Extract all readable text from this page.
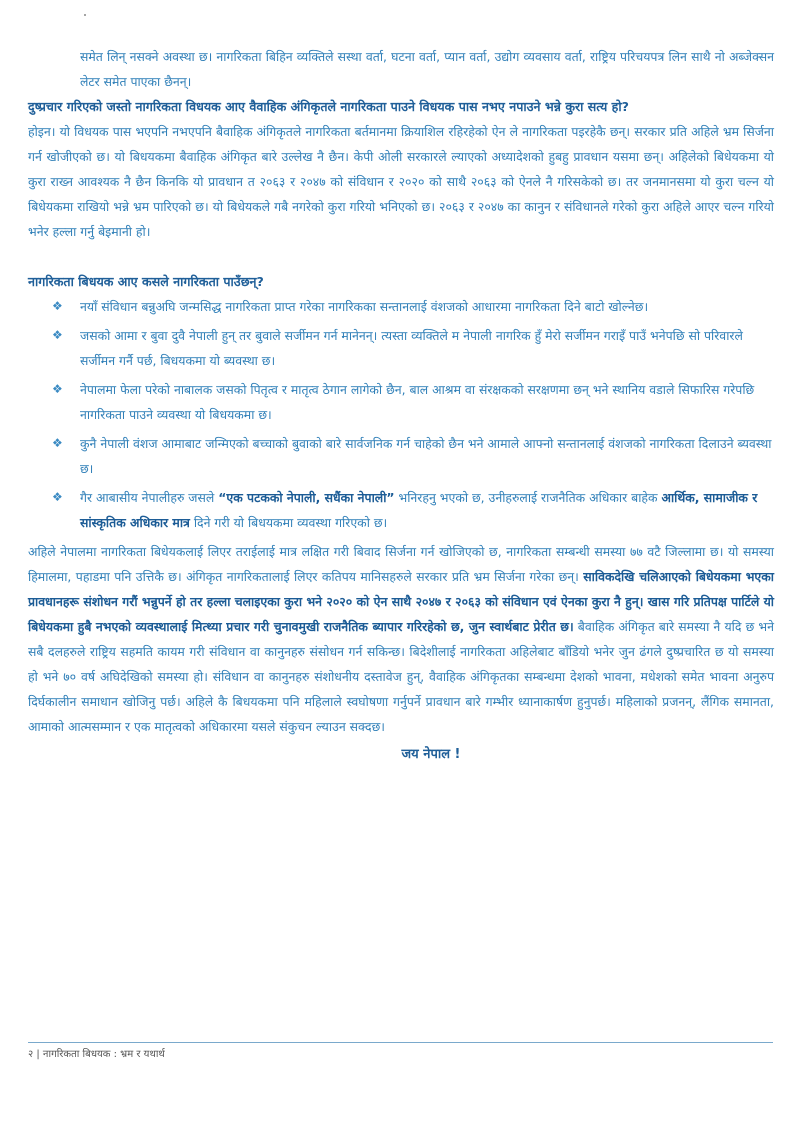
समेत लिन् नसक्ने अवस्था छ। नागरिकता बिहिन व्यक्तिले सस्था वर्ता, घटना वर्ता, प्यान वर्ता, उद्योग व्यवसाय वर्ता, राष्ट्रिय परिचयपत्र लिन साथै नो अब्जेक्सन लेटर समेत पाएका छैनन्।

दुष्प्रचार गरिएको जस्तो नागरिकता विधयक आए वैवाहिक अंगिकृतले नागरिकता पाउने विधयक पास नभए नपाउने भन्ने कुरा सत्य हो?

होइन। यो विधयक पास भएपनि नभएपनि बैवाहिक अंगिकृतले नागरिकता बर्तमानमा क्रियाशिल रहिरहेको ऐन ले नागरिकता पइरहेकै छन्। सरकार प्रति अहिले भ्रम सिर्जना गर्न खोजीएको छ। यो बिधयकमा बैवाहिक अंगिकृत बारे उल्लेख नै छैन। केपी ओली सरकारले ल्याएको अध्यादेशको हुबहु प्रावधान यसमा छन्। अहिलेको बिधेयकमा यो कुरा राख्न आवश्यक नै छैन किनकि यो प्रावधान त २०६३ र २०४७ को संविधान र २०२० को साथै २०६३ को ऐनले नै गरिसकेको छ। तर जनमानसमा यो कुरा चल्न यो बिधेयकमा राखियो भन्ने भ्रम पारिएको छ। यो बिधेयकले गबै नगरेको कुरा गरियो भनिएको छ। २०६३ र २०४७ का कानुन र संविधानले गरेको कुरा अहिले आएर चल्न गरियो भनेर हल्ला गर्नु बेइमानी हो।

नागरिकता बिधयक आए कसले नागरिकता पाउँछन्?

❖ नयाँ संविधान बन्नुअघि जन्मसिद्ध नागरिकता प्राप्त गरेका नागरिकका सन्तानलाई वंशजको आधारमा नागरिकता दिने बाटो खोल्नेछ।
❖ जसको आमा र बुवा दुवै नेपाली हुन् तर बुवाले सर्जीमन गर्न मानेनन्। त्यस्ता व्यक्तिले म नेपाली नागरिक हुँ मेरो सर्जीमन गराइँ पाउँ भनेपछि सो परिवारले सर्जीमन गर्नै पर्छ, बिधयकमा यो ब्यवस्था छ।
❖ नेपालमा फेला परेको नाबालक जसको पितृत्व र मातृत्व ठेगान लागेको छैन, बाल आश्रम वा संरक्षकको सरक्षणमा छन् भने स्थानिय वडाले सिफारिस गरेपछि नागरिकता पाउने व्यवस्था यो बिधयकमा छ।
❖ कुनै नेपाली वंशज आमाबाट जन्मिएको बच्चाको बुवाको बारे सार्वजनिक गर्न चाहेको छैन भने आमाले आफ्नो सन्तानलाई वंशजको नागरिकता दिलाउने ब्यवस्था छ।
❖ गैर आबासीय नेपालीहरु जसले “एक पटकको नेपाली, सधैंका नेपाली” भनिरहनु भएको छ, उनीहरुलाई राजनैतिक अधिकार बाहेक आर्थिक, सामाजीक र सांस्कृतिक अधिकार मात्र दिने गरी यो बिधयकमा व्यवस्था गरिएको छ।

अहिले नेपालमा नागरिकता बिधेयकलाई लिएर तराईलाई मात्र लक्षित गरी बिवाद सिर्जना गर्न खोजिएको छ, नागरिकता सम्बन्धी समस्या ७७ वटै जिल्लामा छ। यो समस्या हिमालमा, पहाडमा पनि उत्तिकै छ। अंगिकृत नागरिकतालाई लिएर कतिपय मानिसहरुले सरकार प्रति भ्रम सिर्जना गरेका छन्। साविकदेखि चलिआएको बिधेयकमा भएका प्रावधानहरू संशोधन गरौं भन्नुपर्ने हो तर हल्ला चलाइएका कुरा भने २०२० को ऐन साथै २०४७ र २०६३ को संविधान एवं ऐनका कुरा नै हुन्। खास गरि प्रतिपक्ष पार्टिले यो बिधेयकमा हुबै नभएको व्यवस्थालाई मित्थ्या प्रचार गरी चुनावमुखी राजनैतिक ब्यापार गरिरहेको छ, जुन स्वार्थबाट प्रेरीत छ। बैवाहिक अंगिकृत बारे समस्या नै यदि छ भने सबै दलहरुले राष्ट्रिय सहमति कायम गरी संविधान वा कानुनहरु संसोधन गर्न सकिन्छ। बिदेशीलाई नागरिकता अहिलेबाट बाँडियो भनेर जुन ढंगले दुष्प्रचारित छ यो समस्या हो भने ७० वर्ष अघिदेखिको समस्या हो। संविधान वा कानुनहरु संशोधनीय दस्तावेज हुन्, वैवाहिक अंगिकृतका सम्बन्धमा देशको भावना, मधेशको समेत भावना अनुरुप दिर्घकालीन समाधान खोजिनु पर्छ। अहिले कै बिधयकमा पनि महिलाले स्वघोषणा गर्नुपर्ने प्रावधान बारे गम्भीर ध्यानाकार्षण हुनुपर्छ। महिलाको प्रजनन्, लैंगिक समानता, आमाको आत्मसम्मान र एक मातृत्वको अधिकारमा यसले संकुचन ल्याउन सक्दछ।

जय नेपाल !
२ | नागरिकता बिधयक : भ्रम र यथार्थ
